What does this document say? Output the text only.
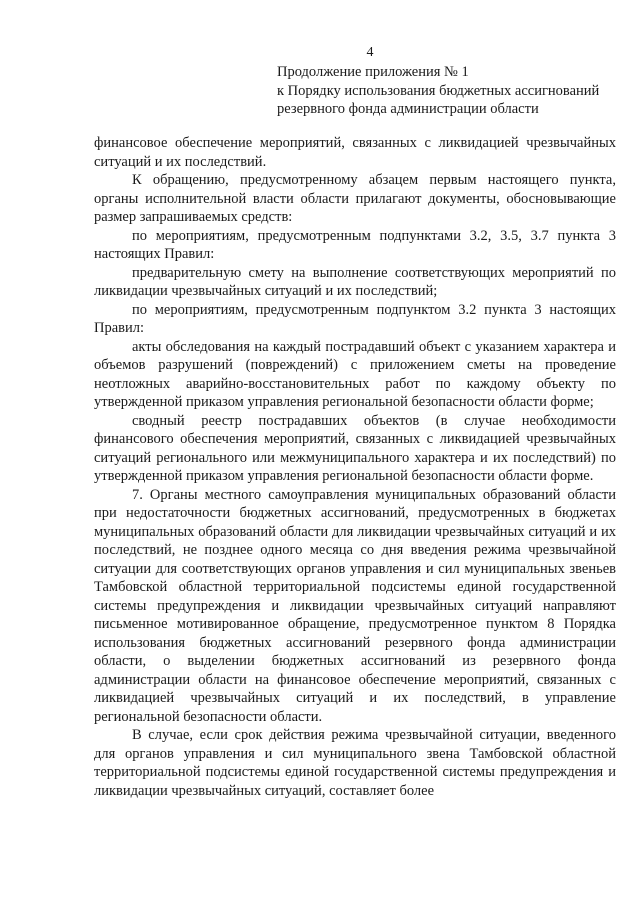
4
Продолжение приложения № 1
к Порядку использования бюджетных ассигнований
резервного фонда администрации области

финансовое обеспечение мероприятий, связанных с ликвидацией чрезвычайных ситуаций и их последствий.

К обращению, предусмотренному абзацем первым настоящего пункта, органы исполнительной власти области прилагают документы, обосновывающие размер запрашиваемых средств:

по мероприятиям, предусмотренным подпунктами 3.2, 3.5, 3.7 пункта 3 настоящих Правил:

предварительную смету на выполнение соответствующих мероприятий по ликвидации чрезвычайных ситуаций и их последствий;

по мероприятиям, предусмотренным подпунктом 3.2 пункта 3 настоящих Правил:

акты обследования на каждый пострадавший объект с указанием характера и объемов разрушений (повреждений) с приложением сметы на проведение неотложных аварийно-восстановительных работ по каждому объекту по утвержденной приказом управления региональной безопасности области форме;

сводный реестр пострадавших объектов (в случае необходимости финансового обеспечения мероприятий, связанных с ликвидацией чрезвычайных ситуаций регионального или межмуниципального характера и их последствий) по утвержденной приказом управления региональной безопасности области форме.

7. Органы местного самоуправления муниципальных образований области при недостаточности бюджетных ассигнований, предусмотренных в бюджетах муниципальных образований области для ликвидации чрезвычайных ситуаций и их последствий, не позднее одного месяца со дня введения режима чрезвычайной ситуации для соответствующих органов управления и сил муниципальных звеньев Тамбовской областной территориальной подсистемы единой государственной системы предупреждения и ликвидации чрезвычайных ситуаций направляют письменное мотивированное обращение, предусмотренное пунктом 8 Порядка использования бюджетных ассигнований резервного фонда администрации области, о выделении бюджетных ассигнований из резервного фонда администрации области на финансовое обеспечение мероприятий, связанных с ликвидацией чрезвычайных ситуаций и их последствий, в управление региональной безопасности области.

В случае, если срок действия режима чрезвычайной ситуации, введенного для органов управления и сил муниципального звена Тамбовской областной территориальной подсистемы единой государственной системы предупреждения и ликвидации чрезвычайных ситуаций, составляет более
